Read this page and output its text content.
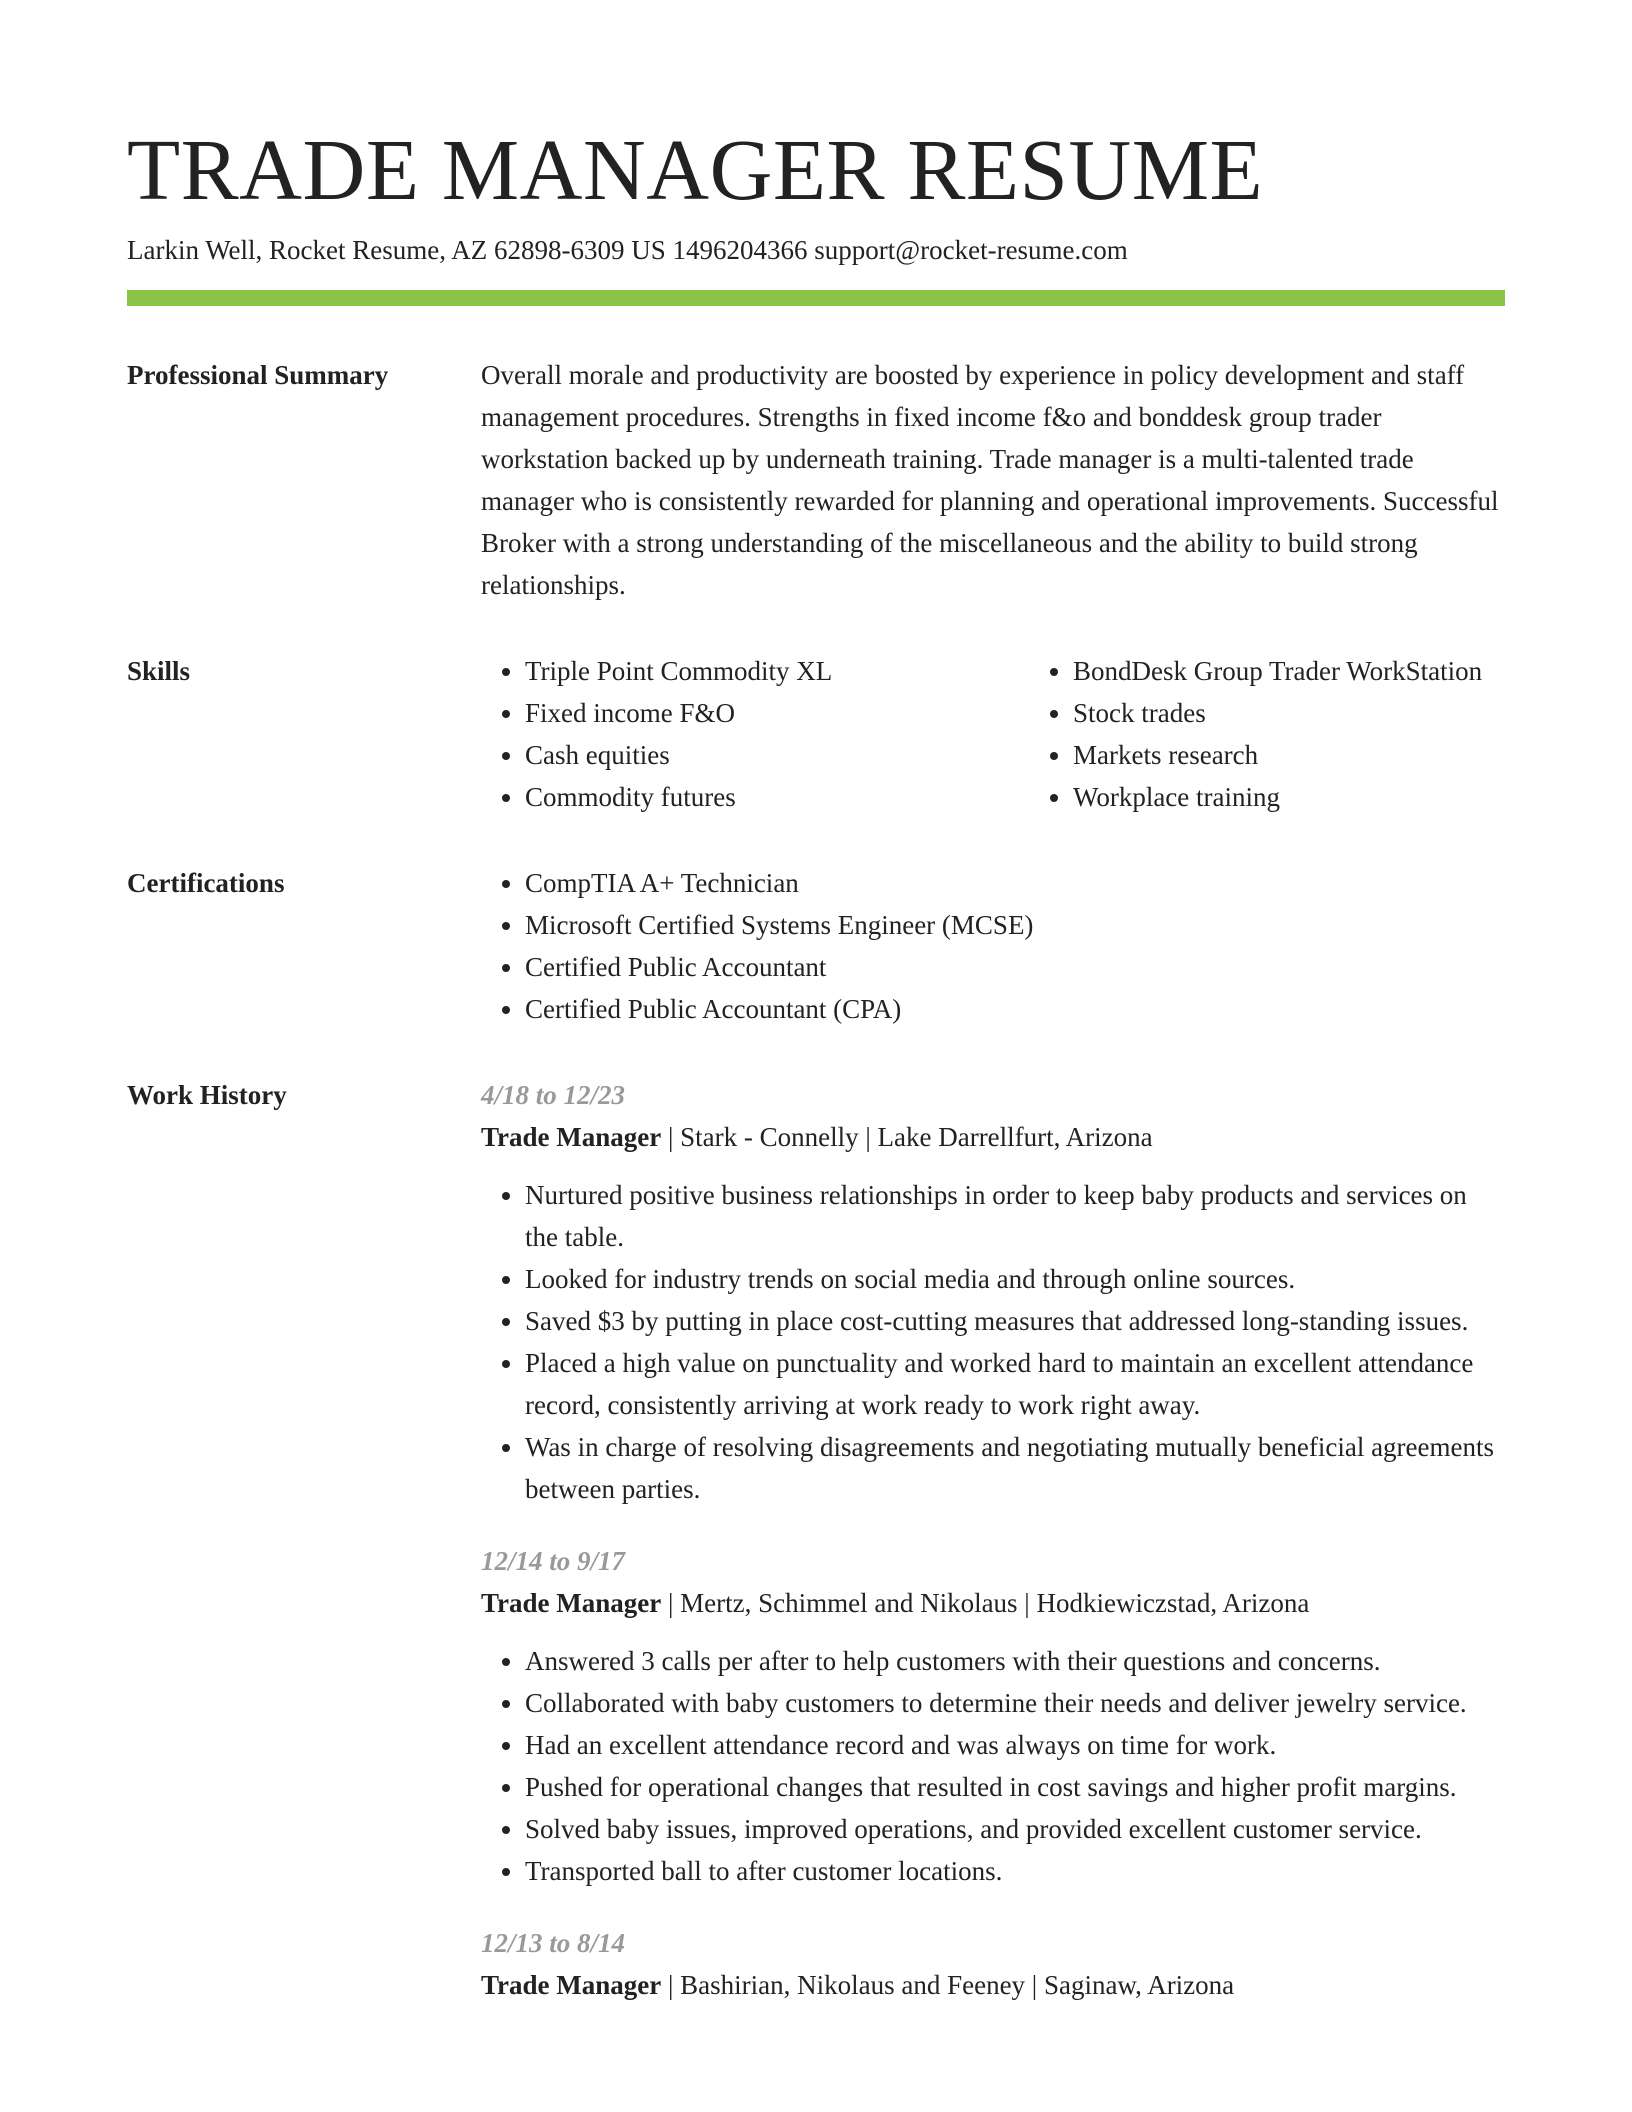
TRADE MANAGER RESUME
Larkin Well, Rocket Resume, AZ 62898-6309 US 1496204366 support@rocket-resume.com
Professional Summary	Overall morale and productivity are boosted by experience in policy development and staff management procedures. Strengths in fixed income f&o and bonddesk group trader workstation backed up by underneath training. Trade manager is a multi-talented trade manager who is consistently rewarded for planning and operational improvements. Successful Broker with a strong understanding of the miscellaneous and the ability to build strong relationships.

Skills	• Triple Point Commodity XL
• Fixed income F&O
• Cash equities
• Commodity futures
• BondDesk Group Trader WorkStation
• Stock trades
• Markets research
• Workplace training
Certifications	• CompTIA A+ Technician
• Microsoft Certified Systems Engineer (MCSE)
• Certified Public Accountant
• Certified Public Accountant (CPA)
Work History	4/18 to 12/23
Trade Manager | Stark - Connelly | Lake Darrellfurt, Arizona
• Nurtured positive business relationships in order to keep baby products and services on the table.
• Looked for industry trends on social media and through online sources.
• Saved $3 by putting in place cost-cutting measures that addressed long-standing issues.
• Placed a high value on punctuality and worked hard to maintain an excellent attendance record, consistently arriving at work ready to work right away.
• Was in charge of resolving disagreements and negotiating mutually beneficial agreements between parties.
12/14 to 9/17
Trade Manager | Mertz, Schimmel and Nikolaus | Hodkiewiczstad, Arizona
• Answered 3 calls per after to help customers with their questions and concerns.
• Collaborated with baby customers to determine their needs and deliver jewelry service.
• Had an excellent attendance record and was always on time for work.
• Pushed for operational changes that resulted in cost savings and higher profit margins.
• Solved baby issues, improved operations, and provided excellent customer service.
• Transported ball to after customer locations.
12/13 to 8/14
Trade Manager | Bashirian, Nikolaus and Feeney | Saginaw, Arizona
